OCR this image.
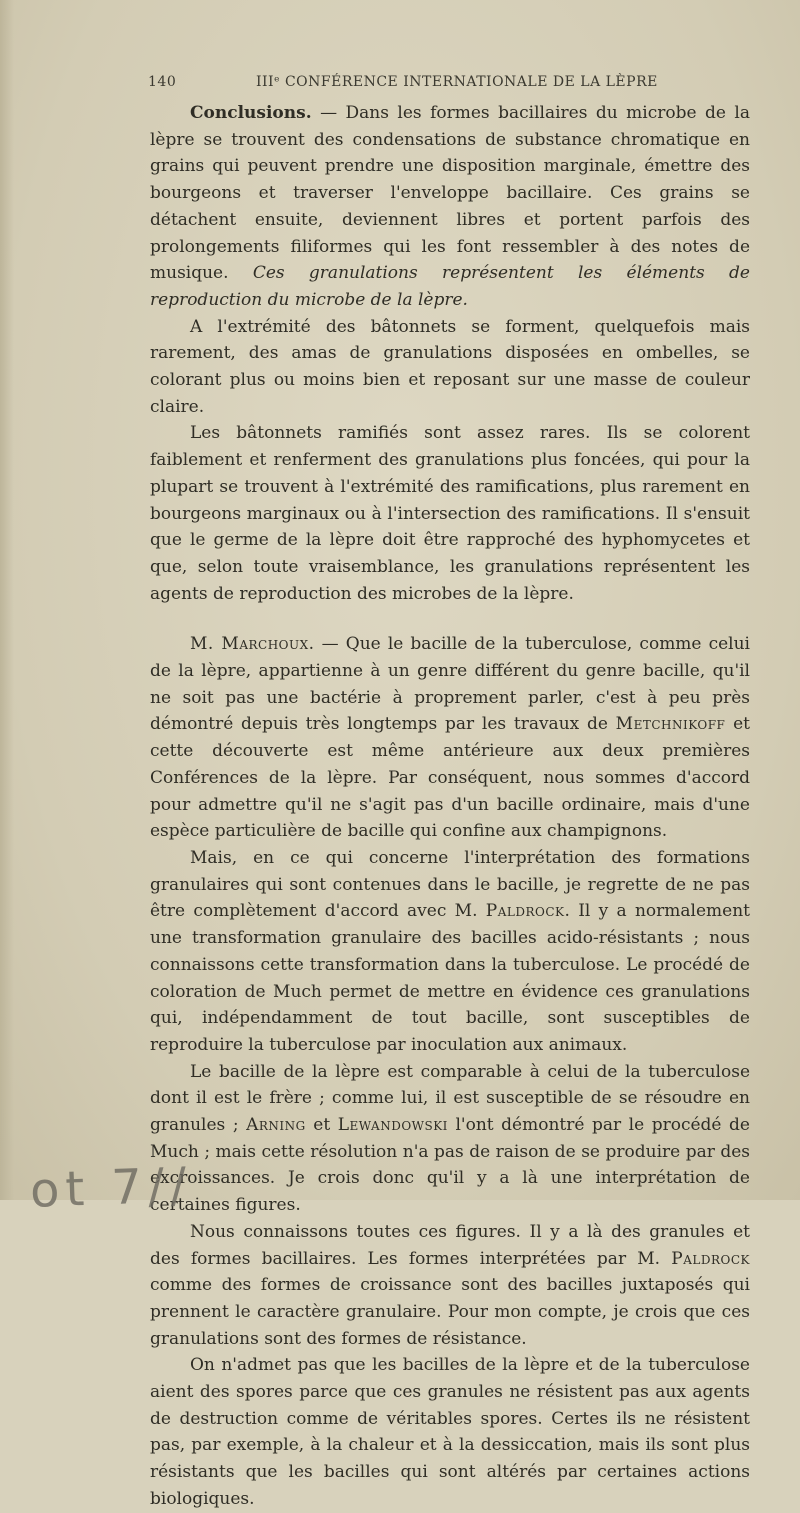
140	IIIᵉ CONFÉRENCE INTERNATIONALE DE LA LÈPRE

Conclusions. — Dans les formes bacillaires du microbe de la lèpre se trouvent des condensations de substance chromatique en grains qui peuvent prendre une disposition marginale, émettre des bourgeons et traverser l'enveloppe bacillaire. Ces grains se détachent ensuite, deviennent libres et portent parfois des prolongements filiformes qui les font ressembler à des notes de musique. Ces granulations représentent les éléments de reproduction du microbe de la lèpre.

A l'extrémité des bâtonnets se forment, quelquefois mais rarement, des amas de granulations disposées en ombelles, se colorant plus ou moins bien et reposant sur une masse de couleur claire.

Les bâtonnets ramifiés sont assez rares. Ils se colorent faiblement et renferment des granulations plus foncées, qui pour la plupart se trouvent à l'extrémité des ramifications, plus rarement en bourgeons marginaux ou à l'intersection des ramifications. Il s'ensuit que le germe de la lèpre doit être rapproché des hyphomycetes et que, selon toute vraisemblance, les granulations représentent les agents de reproduction des microbes de la lèpre.

M. Marchoux. — Que le bacille de la tuberculose, comme celui de la lèpre, appartienne à un genre différent du genre bacille, qu'il ne soit pas une bactérie à proprement parler, c'est à peu près démontré depuis très longtemps par les travaux de Metchnikoff et cette découverte est même antérieure aux deux premières Conférences de la lèpre. Par conséquent, nous sommes d'accord pour admettre qu'il ne s'agit pas d'un bacille ordinaire, mais d'une espèce particulière de bacille qui confine aux champignons.

Mais, en ce qui concerne l'interprétation des formations granulaires qui sont contenues dans le bacille, je regrette de ne pas être complètement d'accord avec M. Paldrock. Il y a normalement une transformation granulaire des bacilles acido-résistants ; nous connaissons cette transformation dans la tuberculose. Le procédé de coloration de Much permet de mettre en évidence ces granulations qui, indépendamment de tout bacille, sont susceptibles de reproduire la tuberculose par inoculation aux animaux.

Le bacille de la lèpre est comparable à celui de la tuberculose dont il est le frère ; comme lui, il est susceptible de se résoudre en granules ; Arning et Lewandowski l'ont démontré par le procédé de Much ; mais cette résolution n'a pas de raison de se produire par des excroissances. Je crois donc qu'il y a là une interprétation de certaines figures.

Nous connaissons toutes ces figures. Il y a là des granules et des formes bacillaires. Les formes interprétées par M. Paldrock comme des formes de croissance sont des bacilles juxtaposés qui prennent le caractère granulaire. Pour mon compte, je crois que ces granulations sont des formes de résistance.

On n'admet pas que les bacilles de la lèpre et de la tuberculose aient des spores parce que ces granules ne résistent pas aux agents de destruction comme de véritables spores. Certes ils ne résistent pas, par exemple, à la chaleur et à la dessiccation, mais ils sont plus résistants que les bacilles qui sont altérés par certaines actions biologiques.

ot 7//
